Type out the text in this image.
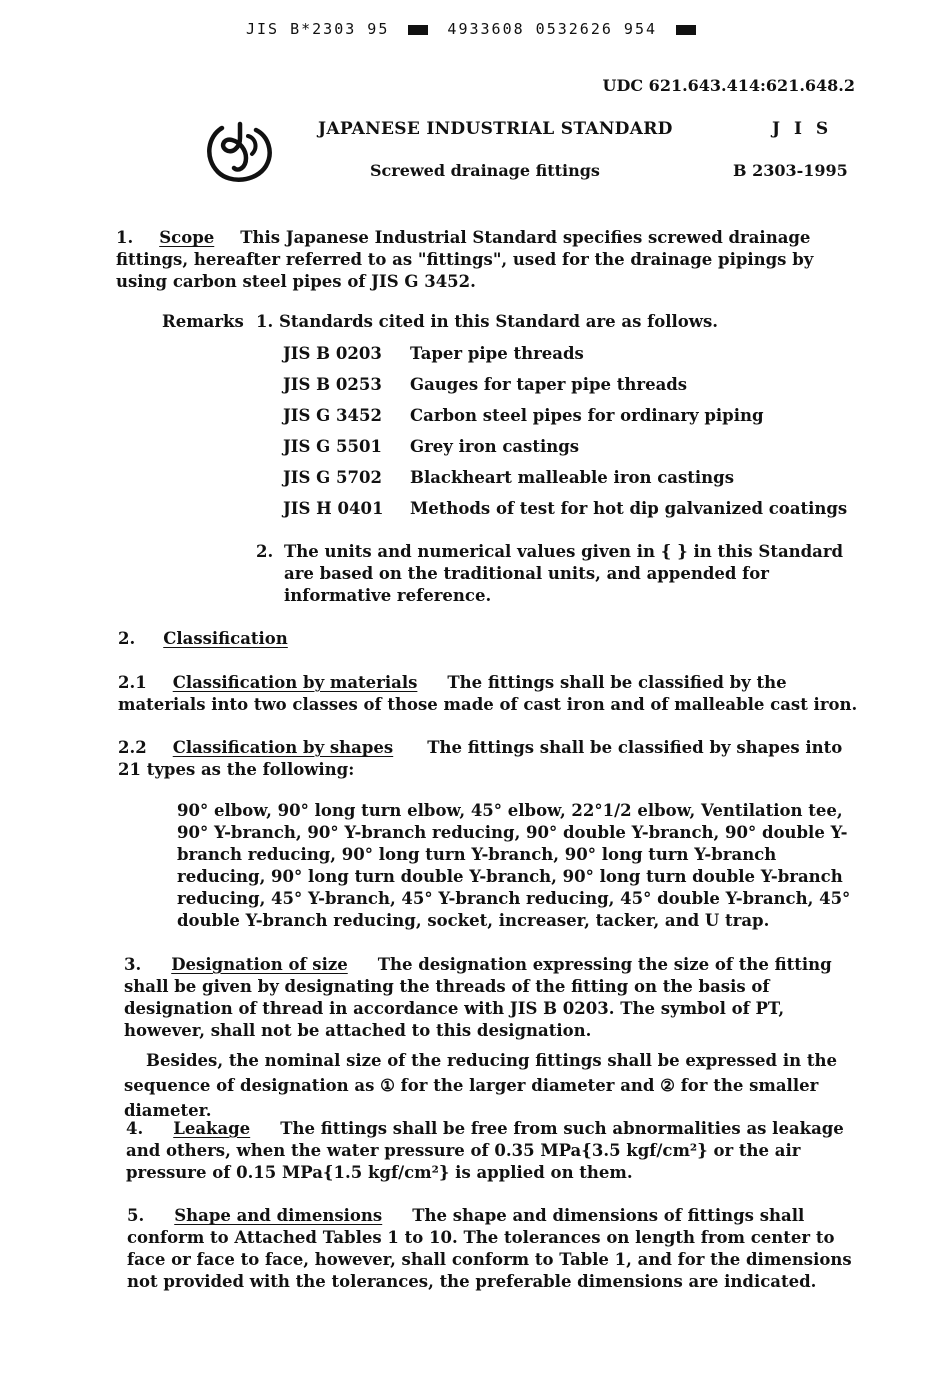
JIS B*2303 95	4933608 0532626 954
UDC 621.643.414:621.648.2
JAPANESE INDUSTRIAL STANDARD	J I S
Screwed drainage fittings	B 2303-1995
1. Scope This Japanese Industrial Standard specifies screwed drainage fittings, hereafter referred to as "fittings", used for the drainage pipings by using carbon steel pipes of JIS G 3452.
Remarks 1. Standards cited in this Standard are as follows.
JIS B 0203 Taper pipe threads
JIS B 0253 Gauges for taper pipe threads
JIS G 3452 Carbon steel pipes for ordinary piping
JIS G 5501 Grey iron castings
JIS G 5702 Blackheart malleable iron castings
JIS H 0401 Methods of test for hot dip galvanized coatings
2. The units and numerical values given in { } in this Standard are based on the traditional units, and appended for informative reference.
2. Classification
2.1 Classification by materials The fittings shall be classified by the materials into two classes of those made of cast iron and of malleable cast iron.
2.2 Classification by shapes The fittings shall be classified by shapes into 21 types as the following:
90° elbow, 90° long turn elbow, 45° elbow, 22°1/2 elbow, Ventilation tee, 90° Y-branch, 90° Y-branch reducing, 90° double Y-branch, 90° double Y-branch reducing, 90° long turn Y-branch, 90° long turn Y-branch reducing, 90° long turn double Y-branch, 90° long turn double Y-branch reducing, 45° Y-branch, 45° Y-branch reducing, 45° double Y-branch, 45° double Y-branch reducing, socket, increaser, tacker, and U trap.
3. Designation of size The designation expressing the size of the fitting shall be given by designating the threads of the fitting on the basis of designation of thread in accordance with JIS B 0203. The symbol of PT, however, shall not be attached to this designation.
Besides, the nominal size of the reducing fittings shall be expressed in the sequence of designation as ① for the larger diameter and ② for the smaller diameter.
4. Leakage The fittings shall be free from such abnormalities as leakage and others, when the water pressure of 0.35 MPa{3.5 kgf/cm²} or the air pressure of 0.15 MPa{1.5 kgf/cm²} is applied on them.
5. Shape and dimensions The shape and dimensions of fittings shall conform to Attached Tables 1 to 10. The tolerances on length from center to face or face to face, however, shall conform to Table 1, and for the dimensions not provided with the tolerances, the preferable dimensions are indicated.
